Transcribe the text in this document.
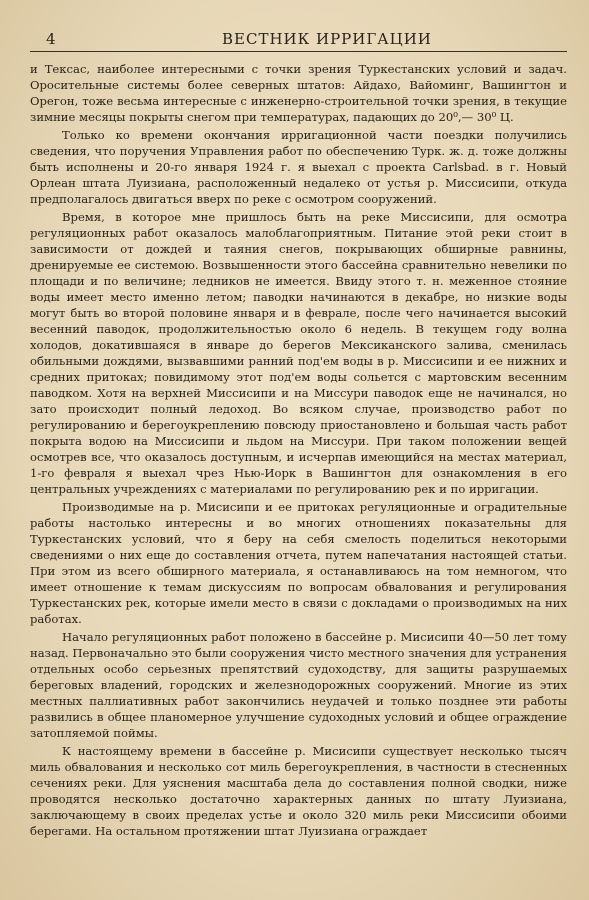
4	ВЕСТНИК ИРРИГАЦИИ

и Тексас, наиболее интересными с точки зрения Туркестанских условий и задач. Оросительные системы более северных штатов: Айдахо, Вайоминг, Вашингтон и Орегон, тоже весьма интересные с инженерно-строительной точки зрения, в текущие зимние месяцы покрыты снегом при температурах, падающих до 20⁰,— 30⁰ Ц.

Только ко времени окончания ирригационной части поездки получились сведения, что поручения Управления работ по обеспечению Турк. ж. д. тоже должны быть исполнены и 20-го января 1924 г. я выехал с проекта Carlsbad. в г. Новый Орлеан штата Луизиана, расположенный недалеко от устья р. Миссисипи, откуда предполагалось двигаться вверх по реке с осмотром сооружений.

Время, в которое мне пришлось быть на реке Миссисипи, для осмотра регуляционных работ оказалось малоблагоприятным. Питание этой реки стоит в зависимости от дождей и таяния снегов, покрывающих обширные равнины, дренируемые ее системою. Возвышенности этого бассейна сравнительно невелики по площади и по величине; ледников не имеется. Ввиду этого т. н. меженное стояние воды имеет место именно летом; паводки начинаются в декабре, но низкие воды могут быть во второй половине января и в феврале, после чего начинается высокий весенний паводок, продолжительностью около 6 недель. В текущем году волна холодов, докатившаяся в январе до берегов Мексиканского залива, сменилась обильными дождями, вызвавшими ранний под'ем воды в р. Миссисипи и ее нижних и средних притоках; повидимому этот под'ем воды сольется с мартовским весенним паводком. Хотя на верхней Миссисипи и на Миссури паводок еще не начинался, но зато происходит полный ледоход. Во всяком случае, производство работ по регулированию и берегоукреплению повсюду приостановлено и большая часть работ покрыта водою на Миссисипи и льдом на Миссури. При таком положении вещей осмотрев все, что оказалось доступным, и исчерпав имеющийся на местах материал, 1-го февраля я выехал чрез Нью-Иорк в Вашингтон для ознакомления в его центральных учреждениях с материалами по регулированию рек и по ирригации.

Производимые на р. Мисисипи и ее притоках регуляционные и оградительные работы настолько интересны и во многих отношениях показательны для Туркестанских условий, что я беру на себя смелость поделиться некоторыми сведениями о них еще до составления отчета, путем напечатания настоящей статьи. При этом из всего обширного материала, я останавливаюсь на том немногом, что имеет отношение к темам дискуссиям по вопросам обвалования и регулирования Туркестанских рек, которые имели место в связи с докладами о производимых на них работах.

Начало регуляционных работ положено в бассейне р. Мисисипи 40—50 лет тому назад. Первоначально это были сооружения чисто местного значения для устранения отдельных особо серьезных препятствий судоходству, для защиты разрушаемых береговых владений, городских и железнодорожных сооружений. Многие из этих местных паллиативных работ закончились неудачей и только позднее эти работы развились в общее планомерное улучшение судоходных условий и общее ограждение затопляемой поймы.

К настоящему времени в бассейне р. Мисисипи существует несколько тысяч миль обвалования и несколько сот миль берегоукрепления, в частности в стесненных сечениях реки. Для уяснения масштаба дела до составления полной сводки, ниже проводятся несколько достаточно характерных данных по штату Луизиана, заключающему в своих пределах устье и около 320 миль реки Миссисипи обоими берегами. На остальном протяжении штат Луизиана ограждает
